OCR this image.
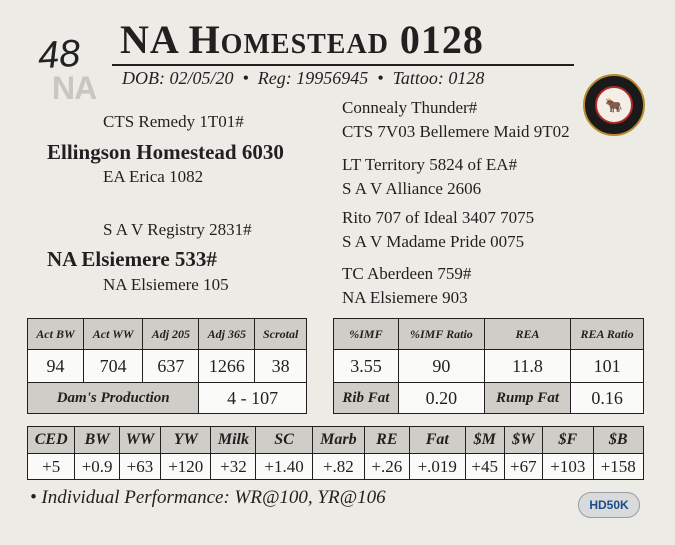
48
NA
NA Homestead 0128
DOB: 02/05/20  •  Reg: 19956945  •  Tattoo: 0128
🐂
CTS Remedy 1T01#
Ellingson Homestead 6030
EA Erica 1082
S A V Registry 2831#
NA Elsiemere 533#
NA Elsiemere 105
Connealy Thunder#
CTS 7V03 Bellemere Maid 9T02
LT Territory 5824 of EA#
S A V Alliance 2606
Rito 707 of Ideal 3407 7075
S A V Madame Pride 0075
TC Aberdeen 759#
NA Elsiemere 903
Act BW	Act WW	Adj 205	Adj 365	Scrotal
94	704	637	1266	38
Dam's Production			4 - 107	
%IMF	%IMF Ratio	REA	REA Ratio
3.55	90	11.8	101
Rib Fat	0.20	Rump Fat	0.16
CED	BW	WW	YW	Milk	SC	Marb	RE	Fat	$M	$W	$F	$B
+5	+0.9	+63	+120	+32	+1.40	+.82	+.26	+.019	+45	+67	+103	+158
• Individual Performance: WR@100, YR@106	HD50K
